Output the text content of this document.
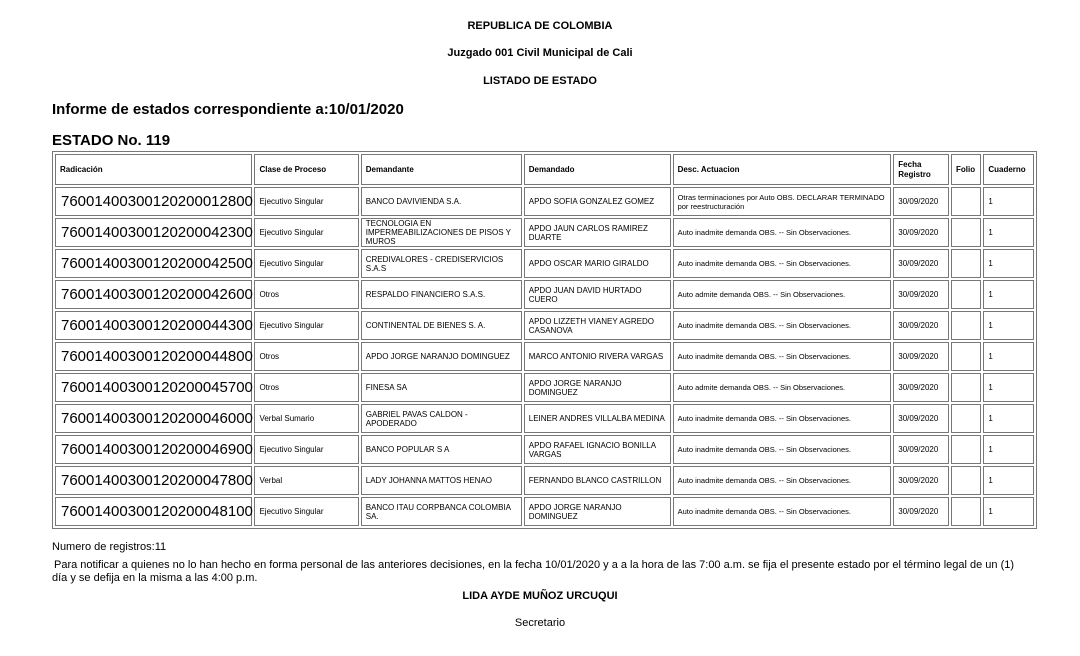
REPUBLICA DE COLOMBIA
Juzgado 001 Civil Municipal de Cali
LISTADO DE ESTADO
Informe de estados correspondiente a:10/01/2020
ESTADO No. 119
Radicación	Clase de Proceso	Demandante	Demandado	Desc. Actuacion	Fecha Registro	Folio	Cuaderno
76001400300120200012800	Ejecutivo Singular	BANCO DAVIVIENDA S.A.	APDO SOFIA GONZALEZ GOMEZ	Otras terminaciones por Auto OBS. DECLARAR TERMINADO por reestructuración	30/09/2020		1
76001400300120200042300	Ejecutivo Singular	TECNOLOGIA EN IMPERMEABILIZACIONES DE PISOS Y MUROS	APDO JAUN CARLOS RAMIREZ DUARTE	Auto inadmite demanda OBS. -- Sin Observaciones.	30/09/2020		1
76001400300120200042500	Ejecutivo Singular	CREDIVALORES - CREDISERVICIOS S.A.S	APDO OSCAR MARIO GIRALDO	Auto inadmite demanda OBS. -- Sin Observaciones.	30/09/2020		1
76001400300120200042600	Otros	RESPALDO FINANCIERO S.A.S.	APDO JUAN DAVID HURTADO CUERO	Auto admite demanda OBS. -- Sin Observaciones.	30/09/2020		1
76001400300120200044300	Ejecutivo Singular	CONTINENTAL DE BIENES S. A.	APDO LIZZETH VIANEY AGREDO CASANOVA	Auto inadmite demanda OBS. -- Sin Observaciones.	30/09/2020		1
76001400300120200044800	Otros	APDO JORGE NARANJO DOMINGUEZ	MARCO ANTONIO RIVERA VARGAS	Auto inadmite demanda OBS. -- Sin Observaciones.	30/09/2020		1
76001400300120200045700	Otros	FINESA SA	APDO JORGE NARANJO DOMINGUEZ	Auto admite demanda OBS. -- Sin Observaciones.	30/09/2020		1
76001400300120200046000	Verbal Sumario	GABRIEL PAVAS CALDON - APODERADO	LEINER ANDRES VILLALBA MEDINA	Auto inadmite demanda OBS. -- Sin Observaciones.	30/09/2020		1
76001400300120200046900	Ejecutivo Singular	BANCO POPULAR S A	APDO RAFAEL IGNACIO BONILLA VARGAS	Auto inadmite demanda OBS. -- Sin Observaciones.	30/09/2020		1
76001400300120200047800	Verbal	LADY JOHANNA MATTOS HENAO	FERNANDO BLANCO CASTRILLON	Auto inadmite demanda OBS. -- Sin Observaciones.	30/09/2020		1
76001400300120200048100	Ejecutivo Singular	BANCO ITAU CORPBANCA COLOMBIA SA.	APDO JORGE NARANJO DOMINGUEZ	Auto inadmite demanda OBS. -- Sin Observaciones.	30/09/2020		1
Numero de registros:11
Para notificar a quienes no lo han hecho en forma personal de las anteriores decisiones, en la fecha 10/01/2020 y a a la hora de las 7:00 a.m. se fija el presente estado por el término legal de un (1) día y se defija en la misma a las 4:00 p.m.
LIDA AYDE MUÑOZ URCUQUI
Secretario
